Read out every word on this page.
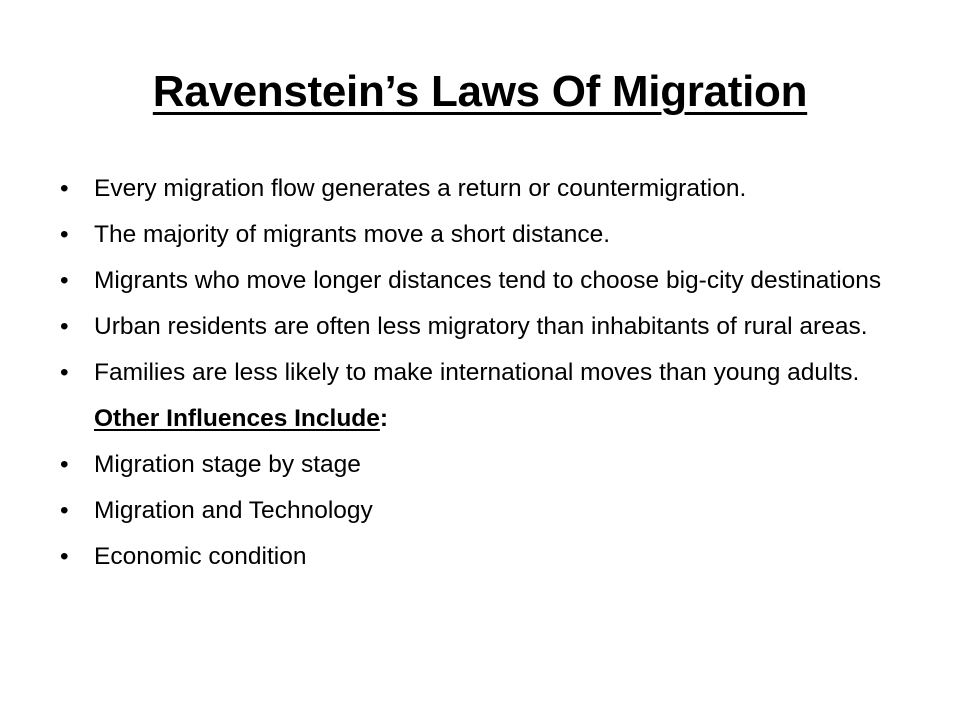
Ravenstein’s Laws Of Migration
•	Every migration flow generates a return or countermigration.
•	The majority of migrants move a short distance.
•	Migrants who move longer distances tend to choose big-city destinations
•	Urban residents are often less migratory than inhabitants of rural areas.
•	Families are less likely to make international moves than young adults.
Other Influences Include:
•	Migration stage by stage
•	Migration and Technology
•	Economic condition
